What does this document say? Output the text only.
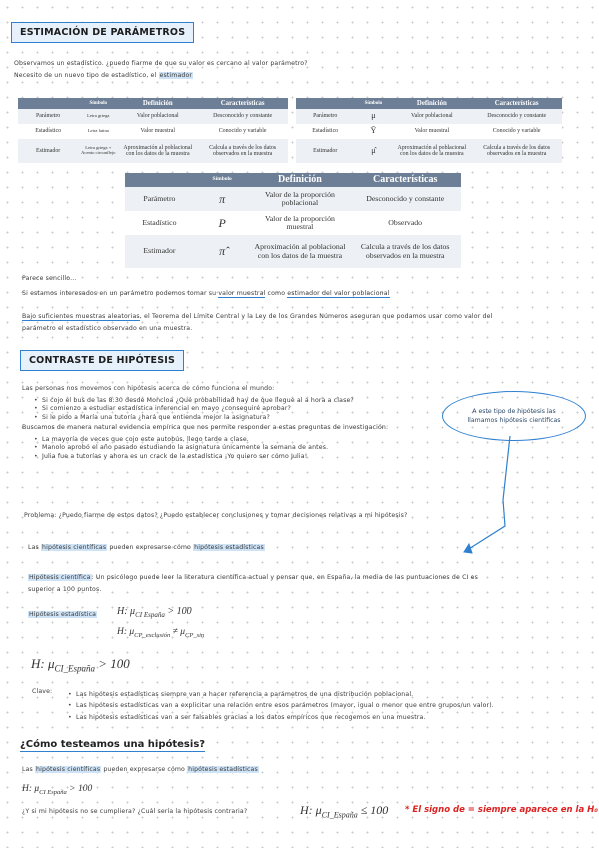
ESTIMACIÓN DE PARÁMETROS
Observamos un estadístico. ¿puedo fiarme de que su valor es cercano al valor parámetro?
Necesito de un nuevo tipo de estadístico, el estimador
	Símbolo	Definición	Características
Parámetro	Letra griega	Valor poblacional	Desconocido y constante
Estadístico	Letra latina	Valor muestral	Conocido y variable
Estimador	Letra griega + Acento circunflejo	Aproximación al poblacional con los datos de la muestra	Calcula a través de los datos observados en la muestra
	Símbolo	Definición	Características
Parámetro	μ	Valor poblacional	Desconocido y constante
Estadístico	Ȳ	Valor muestral	Conocido y variable
Estimador	μ̂	Aproximación al poblacional con los datos de la muestra	Calcula a través de los datos observados en la muestra
	Símbolo	Definición	Características
Parámetro	π	Valor de la proporción poblacional	Desconocido y constante
Estadístico	P	Valor de la proporción muestral	Observado
Estimador	π̂	Aproximación al poblacional con los datos de la muestra	Calcula a través de los datos observados en la muestra
Parece sencillo…
Si estamos interesados en un parámetro podemos tomar su valor muestral como estimador del valor poblacional
Bajo suficientes muestras aleatorias, el Teorema del Límite Central y la Ley de los Grandes Números aseguran que podamos usar como valor del
parámetro el estadístico observado en una muestra.
CONTRASTE DE HIPÓTESIS
Las personas nos movemos con hipótesis acerca de cómo funciona el mundo:
• Si cojo el bus de las 8:30 desde Moncloa ¿Qué probabilidad hay de que llegue al a hora a clase?
• Si comienzo a estudiar estadística inferencial en mayo ¿conseguiré aprobar?
• Si le pido a María una tutoría ¿hará que entienda mejor la asignatura?
Buscamos de manera natural evidencia empírica que nos permite responder a estas preguntas de investigación:
• La mayoría de veces que cojo este autobús, llego tarde a clase.
• Manolo aprobó el año pasado estudiando la asignatura únicamente la semana de antes.
• Julia fue a tutorías y ahora es un crack de la estadística ¡Yo quiero ser cómo Julia!
Problema: ¿Puedo fiarme de estos datos? ¿Puedo establecer conclusiones y tomar decisiones relativas a mi hipótesis?
A este tipo de hipótesis las llamamos hipótesis científicas
Las hipótesis científicas pueden expresarse cómo hipótesis estadísticas
Hipótesis científica: Un psicólogo puede leer la literatura científica actual y pensar que, en España, la media de las puntuaciones de CI es
superior a 100 puntos.
Hipótesis estadística H: $\mu_{CI España} > 100$
H: $\mu_{CP\_exclusión} \ne \mu_{CP\_sin}$
H: $\mu_{CI\_España} > 100$
Clave:	• Las hipótesis estadísticas siempre van a hacer referencia a parámetros de una distribución poblacional.
• Las hipótesis estadísticas van a explicitar una relación entre esos parámetros (mayor, igual o menor que entre grupos/un valor).
• Las hipótesis estadísticas van a ser falsables gracias a los datos empíricos que recogemos en una muestra.
¿Cómo testeamos una hipótesis?
Las hipótesis científicas pueden expresarse cómo hipótesis estadísticas
H: $\mu_{CI España} > 100$
¿Y si mi hipótesis no se cumpliera? ¿Cuál sería la hipótesis contraria?	H: $\mu_{CI\_España} \le 100 * El$ signo de = siempre aparece en la H₀
